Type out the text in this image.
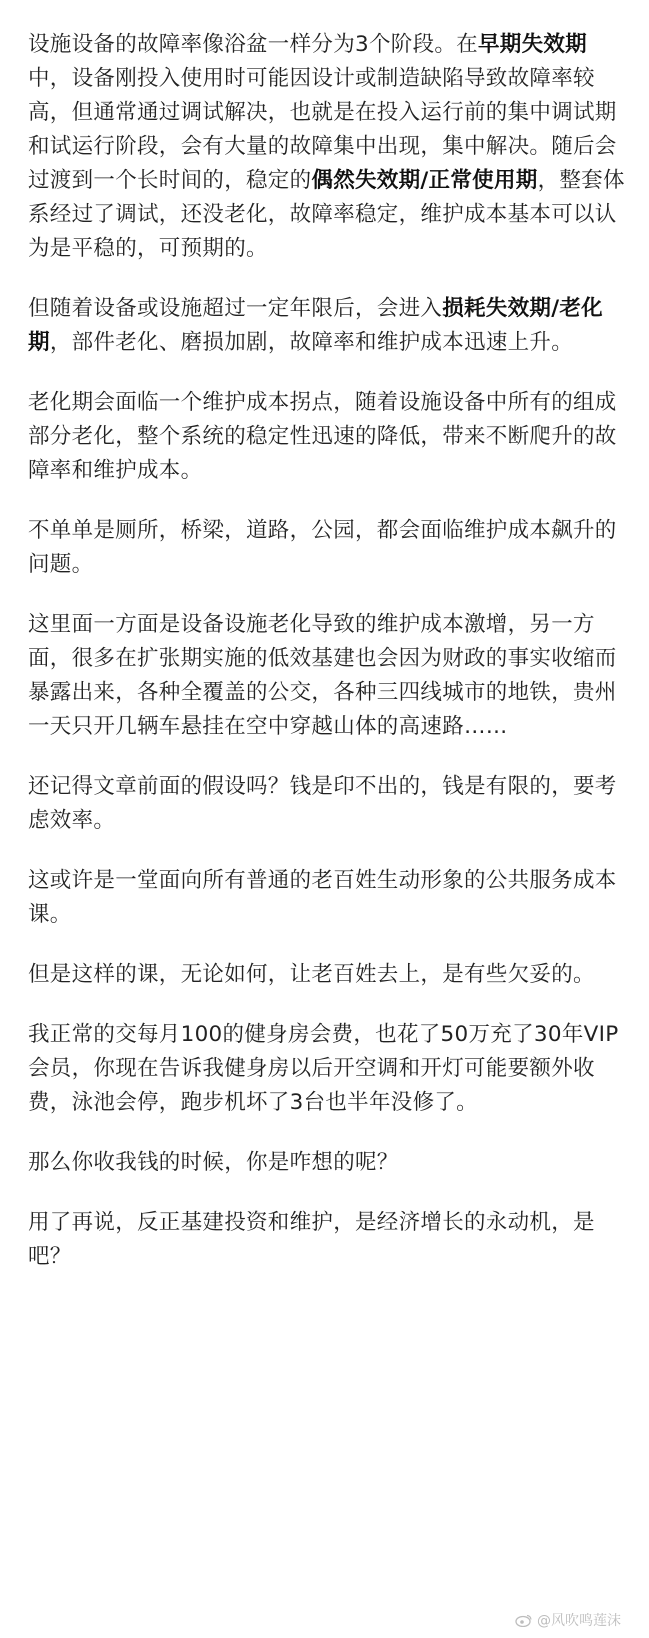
设施设备的故障率像浴盆一样分为3个阶段。在早期失效期中，设备刚投入使用时可能因设计或制造缺陷导致故障率较高，但通常通过调试解决，也就是在投入运行前的集中调试期和试运行阶段，会有大量的故障集中出现，集中解决。随后会过渡到一个长时间的，稳定的偶然失效期/正常使用期，整套体系经过了调试，还没老化，故障率稳定，维护成本基本可以认为是平稳的，可预期的。

但随着设备或设施超过一定年限后，会进入损耗失效期/老化期，部件老化、磨损加剧，故障率和维护成本迅速上升。

老化期会面临一个维护成本拐点，随着设施设备中所有的组成部分老化，整个系统的稳定性迅速的降低，带来不断爬升的故障率和维护成本。

不单单是厕所，桥梁，道路，公园，都会面临维护成本飙升的问题。

这里面一方面是设备设施老化导致的维护成本激增，另一方面，很多在扩张期实施的低效基建也会因为财政的事实收缩而暴露出来，各种全覆盖的公交，各种三四线城市的地铁，贵州一天只开几辆车悬挂在空中穿越山体的高速路……

还记得文章前面的假设吗？钱是印不出的，钱是有限的，要考虑效率。

这或许是一堂面向所有普通的老百姓生动形象的公共服务成本课。

但是这样的课，无论如何，让老百姓去上，是有些欠妥的。

我正常的交每月100的健身房会费，也花了50万充了30年VIP会员，你现在告诉我健身房以后开空调和开灯可能要额外收费，泳池会停，跑步机坏了3台也半年没修了。

那么你收我钱的时候，你是咋想的呢？

用了再说，反正基建投资和维护，是经济增长的永动机，是吧？

@风吹鸣莲沫
